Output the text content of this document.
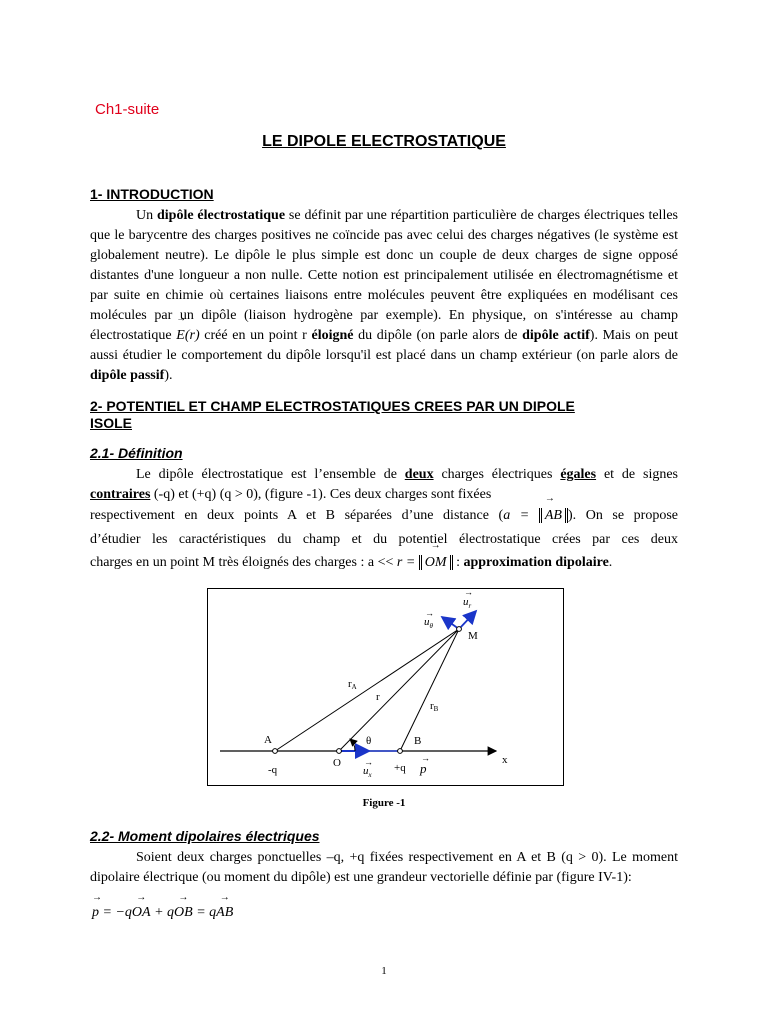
Ch1-suite
LE DIPOLE ELECTROSTATIQUE
1- INTRODUCTION
Un dipôle électrostatique se définit par une répartition particulière de charges électriques telles que le barycentre des charges positives ne coïncide pas avec celui des charges négatives (le système est globalement neutre). Le dipôle le plus simple est donc un couple de deux charges de signe opposé distantes d'une longueur a non nulle. Cette notion est principalement utilisée en électromagnétisme et par suite en chimie où certaines liaisons entre molécules peuvent être expliquées en modélisant ces molécules par un dipôle (liaison hydrogène par exemple). En physique, on s'intéresse au champ électrostatique → E(r) créé en un point r éloigné du dipôle (on parle alors de dipôle actif). Mais on peut aussi étudier le comportement du dipôle lorsqu'il est placé dans un champ extérieur (on parle alors de dipôle passif).
2- POTENTIEL ET CHAMP ELECTROSTATIQUES CREES PAR UN DIPOLE
ISOLE
2.1- Définition
Le dipôle électrostatique est l’ensemble de deux charges électriques égales et de signes contraires (-q) et (+q) (q > 0), (figure -1). Ces deux charges sont fixées
respectivement en deux points A et B séparées d’une distance (a = → AB ). On se propose
d’étudier les caractéristiques du champ et du potentiel électrostatique crées par ces deux
charges en un point M très éloignés des charges : a << r = → OM : approximation dipolaire.
$u_r$
$u_\theta$
M
rA
r
rB
A	θ	B
x
-q
O
$u_x$
+q p
→
→
→	→
Figure -1
2.2- Moment dipolaires électriques
Soient deux charges ponctuelles –q, +q fixées respectivement en A et B (q > 0). Le moment dipolaire électrique (ou moment du dipôle) est une grandeur vectorielle définie par (figure IV-1):
→ p = −q→ OA + q→ OB = q→ AB
1
